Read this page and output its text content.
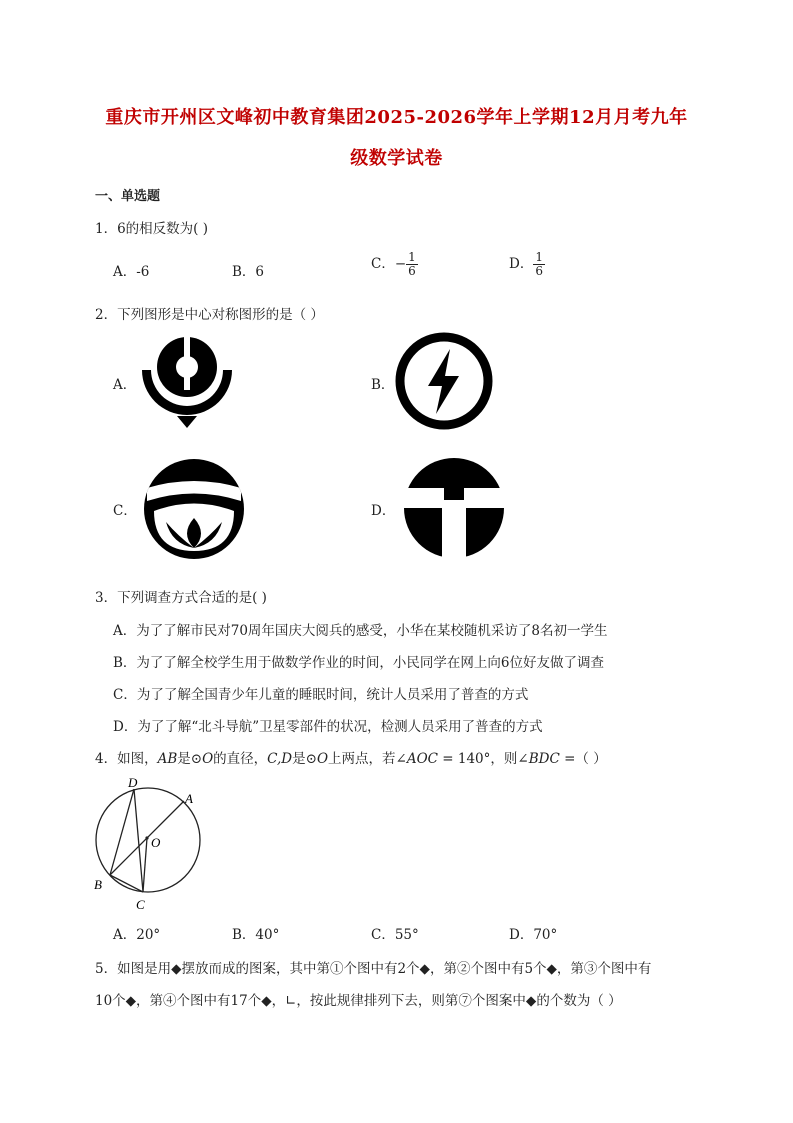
重庆市开州区文峰初中教育集团2025-2026学年上学期12月月考九年
级数学试卷
一、单选题
1．6的相反数为( )
A．-6	B．6	C．− $\frac{1}{6}$	D． $\frac{1}{6}$
2．下列图形是中心对称图形的是（ ）
A．	B．
C．	D．
3．下列调查方式合适的是( )
A．为了了解市民对70周年国庆大阅兵的感受，小华在某校随机采访了8名初一学生
B．为了了解全校学生用于做数学作业的时间，小民同学在网上向6位好友做了调查
C．为了了解全国青少年儿童的睡眠时间，统计人员采用了普查的方式
D．为了了解“北斗导航”卫星零部件的状况，检测人员采用了普查的方式
4．如图，AB是⊙O的直径，C,D是⊙O上两点，若∠AOC = 140°，则∠BDC =（ ）
D
A
O
B
C
A．20°	B．40°	C．55°	D．70°
5．如图是用◆摆放而成的图案，其中第①个图中有2个◆，第②个图中有5个◆，第③个图中有
10个◆，第④个图中有17个◆，∟，按此规律排列下去，则第⑦个图案中◆的个数为（ ）
